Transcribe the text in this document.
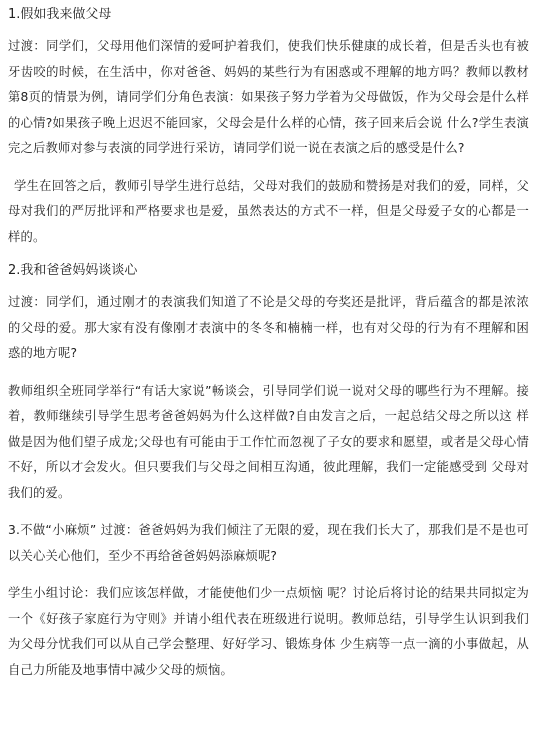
1.假如我来做父母

过渡：同学们，父母用他们深情的爱呵护着我们，使我们快乐健康的成长着，但是舌头也有被牙齿咬的时候，在生活中，你对爸爸、妈妈的某些行为有困惑或不理解的地方吗？教师以教材第8页的情景为例，请同学们分角色表演：如果孩子努力学着为父母做饭，作为父母会是什么样的心情?如果孩子晚上迟迟不能回家，父母会是什么样的心情，孩子回来后会说 什么?学生表演完之后教师对参与表演的同学进行采访，请同学们说一说在表演之后的感受是什么?

学生在回答之后，教师引导学生进行总结，父母对我们的鼓励和赞扬是对我们的爱，同样，父母对我们的严厉批评和严格要求也是爱，虽然表达的方式不一样，但是父母爱子女的心都是一样的。

2.我和爸爸妈妈谈谈心

过渡：同学们，通过刚才的表演我们知道了不论是父母的夸奖还是批评，背后蕴含的都是浓浓的父母的爱。那大家有没有像刚才表演中的冬冬和楠楠一样，也有对父母的行为有不理解和困惑的地方呢?

教师组织全班同学举行“有话大家说”畅谈会，引导同学们说一说对父母的哪些行为不理解。接着，教师继续引导学生思考爸爸妈妈为什么这样做?自由发言之后，一起总结父母之所以这 样做是因为他们望子成龙;父母也有可能由于工作忙而忽视了子女的要求和愿望，或者是父母心情不好，所以才会发火。但只要我们与父母之间相互沟通，彼此理解，我们一定能感受到 父母对我们的爱。

3.不做“小麻烦” 过渡：爸爸妈妈为我们倾注了无限的爱，现在我们长大了，那我们是不是也可以关心关心他们，至少不再给爸爸妈妈添麻烦呢?

学生小组讨论：我们应该怎样做，才能使他们少一点烦恼 呢？讨论后将讨论的结果共同拟定为一个《好孩子家庭行为守则》并请小组代表在班级进行说明。教师总结，引导学生认识到我们为父母分忧我们可以从自己学会整理、好好学习、锻炼身体 少生病等一点一滴的小事做起，从自己力所能及地事情中减少父母的烦恼。
